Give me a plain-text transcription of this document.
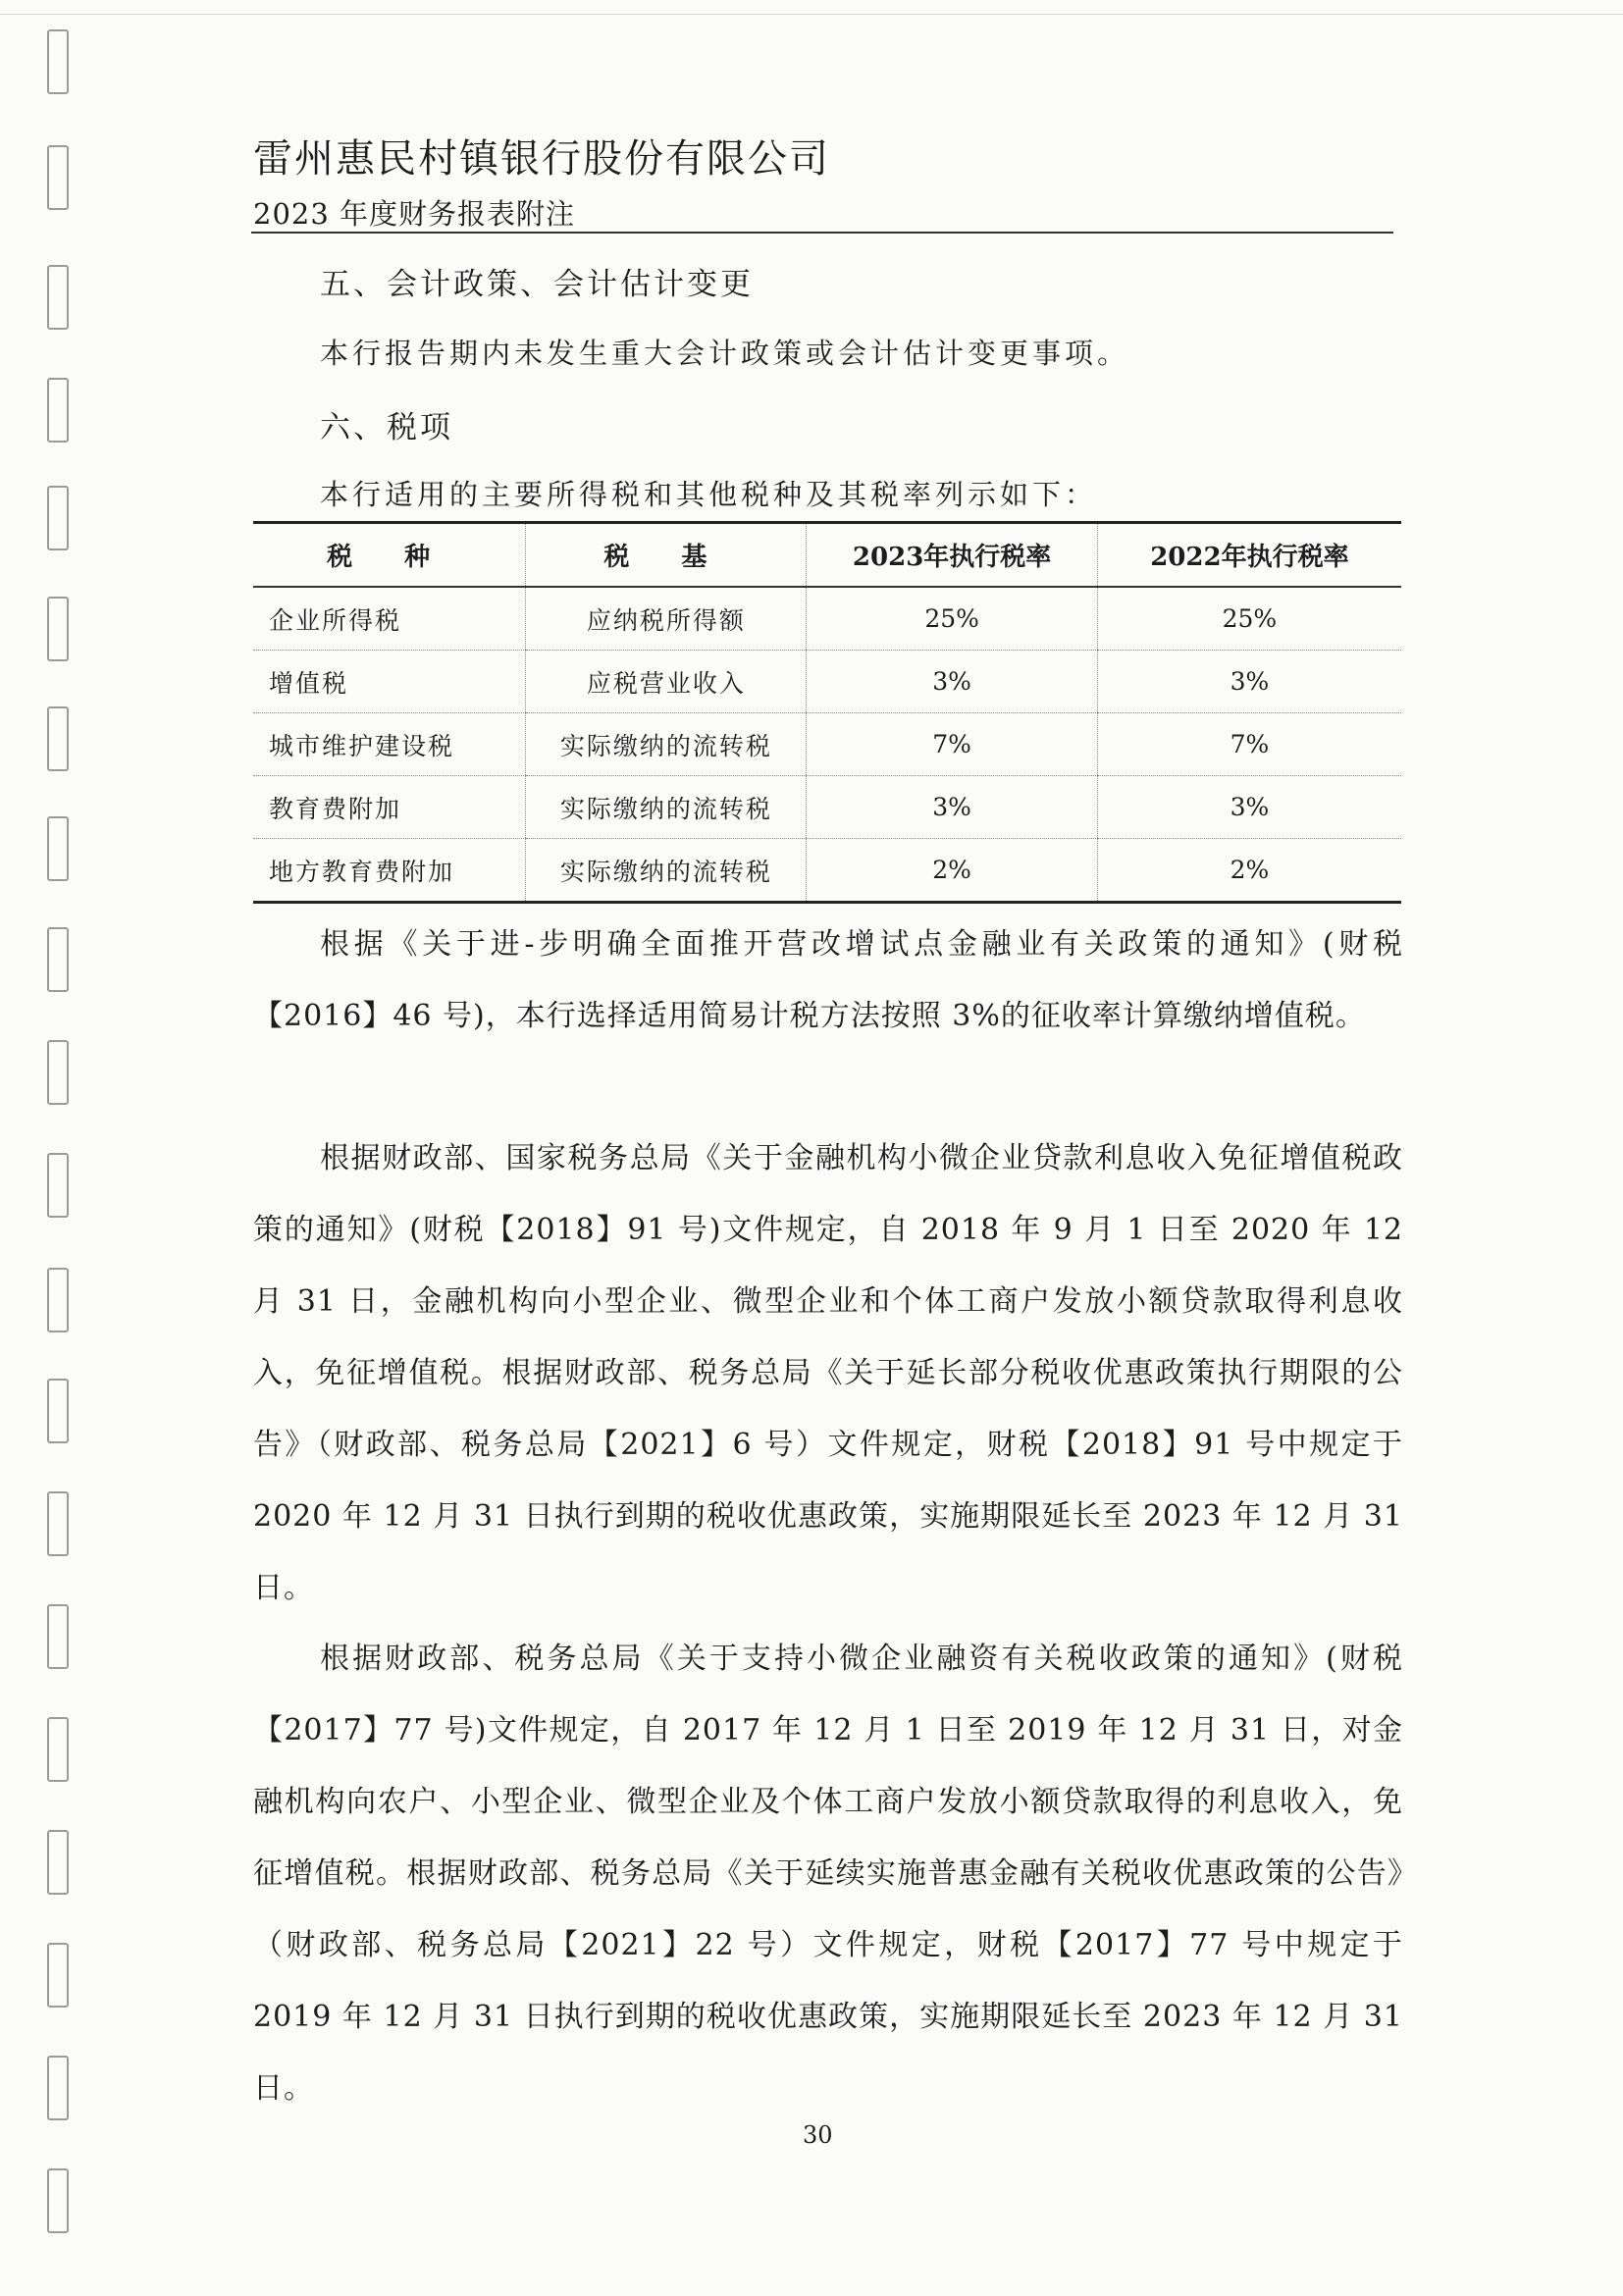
雷州惠民村镇银行股份有限公司
2023 年度财务报表附注
五、会计政策、会计估计变更
本行报告期内未发生重大会计政策或会计估计变更事项。
六、税项
本行适用的主要所得税和其他税种及其税率列示如下：
税 种	税 基	2023年执行税率	2022年执行税率
企业所得税	应纳税所得额	25%	25%
增值税	应税营业收入	3%	3%
城市维护建设税	实际缴纳的流转税	7%	7%
教育费附加	实际缴纳的流转税	3%	3%
地方教育费附加	实际缴纳的流转税	2%	2%

根据《关于进-步明确全面推开营改增试点金融业有关政策的通知》(财税【2016】46 号)，本行选择适用简易计税方法按照 3%的征收率计算缴纳增值税。

根据财政部、国家税务总局《关于金融机构小微企业贷款利息收入免征增值税政策的通知》(财税【2018】91 号)文件规定，自 2018 年 9 月 1 日至 2020 年 12 月 31 日，金融机构向小型企业、微型企业和个体工商户发放小额贷款取得利息收入，免征增值税。根据财政部、税务总局《关于延长部分税收优惠政策执行期限的公告》（财政部、税务总局【2021】6 号）文件规定，财税【2018】91 号中规定于 2020 年 12 月 31 日执行到期的税收优惠政策，实施期限延长至 2023 年 12 月 31 日。

根据财政部、税务总局《关于支持小微企业融资有关税收政策的通知》(财税【2017】77 号)文件规定，自 2017 年 12 月 1 日至 2019 年 12 月 31 日，对金融机构向农户、小型企业、微型企业及个体工商户发放小额贷款取得的利息收入，免征增值税。根据财政部、税务总局《关于延续实施普惠金融有关税收优惠政策的公告》（财政部、税务总局【2021】22 号）文件规定，财税【2017】77 号中规定于 2019 年 12 月 31 日执行到期的税收优惠政策，实施期限延长至 2023 年 12 月 31 日。

30
